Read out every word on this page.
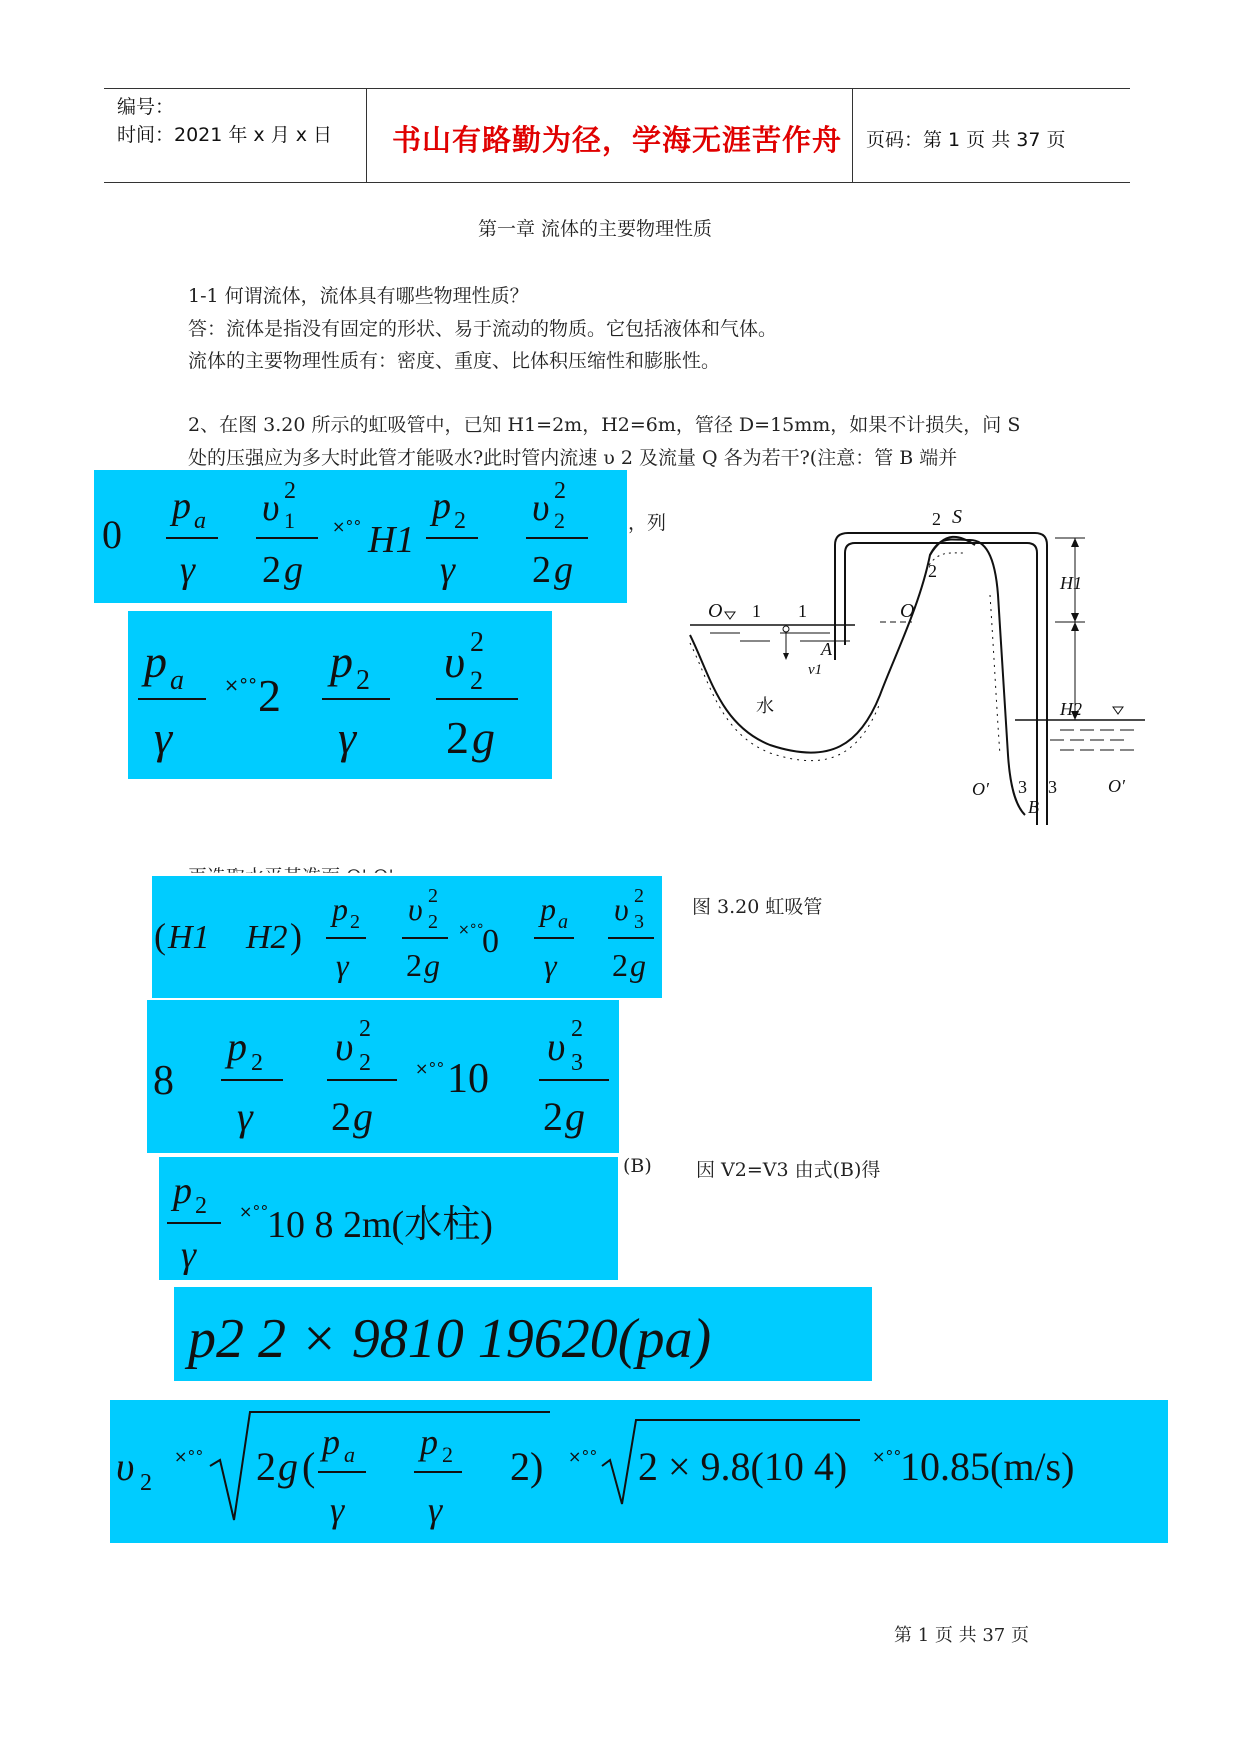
编号：
时间：2021 年 x 月 x 日 书山有路勤为径，学海无涯苦作舟 页码：第 1 页 共 37 页
第一章 流体的主要物理性质
1-1 何谓流体，流体具有哪些物理性质？
答：流体是指没有固定的形状、易于流动的物质。它包括液体和气体。
流体的主要物理性质有：密度、重度、比体积压缩性和膨胀性。
2、在图 3.20 所示的虹吸管中，已知 H1=2m，H2=6m，管径 D=15mm，如果不计损失，问 S
处的压强应为多大时此管才能吸水?此时管内流速 υ 2 及流量 Q 各为若干?(注意：管 B 端并
，列
O 1 1
v1
A
水
O
2 S
2
H1
H2
O′ 3 3
B
O′
图 3.20 虹吸管
0
p a
γ
υ 2
1
2 g
×°° H1
p 2
γ
υ 2
2
2 g
p a
γ
×°° 2
p 2
γ
υ 2
2
2 g
( H1 H2 )
p 2
γ
υ 2
2
2 g
×°°
0
p a
γ
υ 2
3
2 g
8
p 2
γ
υ 2
2
2 g
×°° 10
υ 2
3
2 g
(B) 因 V2=V3 由式(B)得
p 2
γ
×°°
10 8 2m(水柱)
p2 2 × 9810 19620(pa)
υ 2
×°° 2 g (
p a
γ
p 2
γ
2) ×°° 2 × 9.8(10 4) ×°°
10.85(m/s)
第 1 页 共 37 页
